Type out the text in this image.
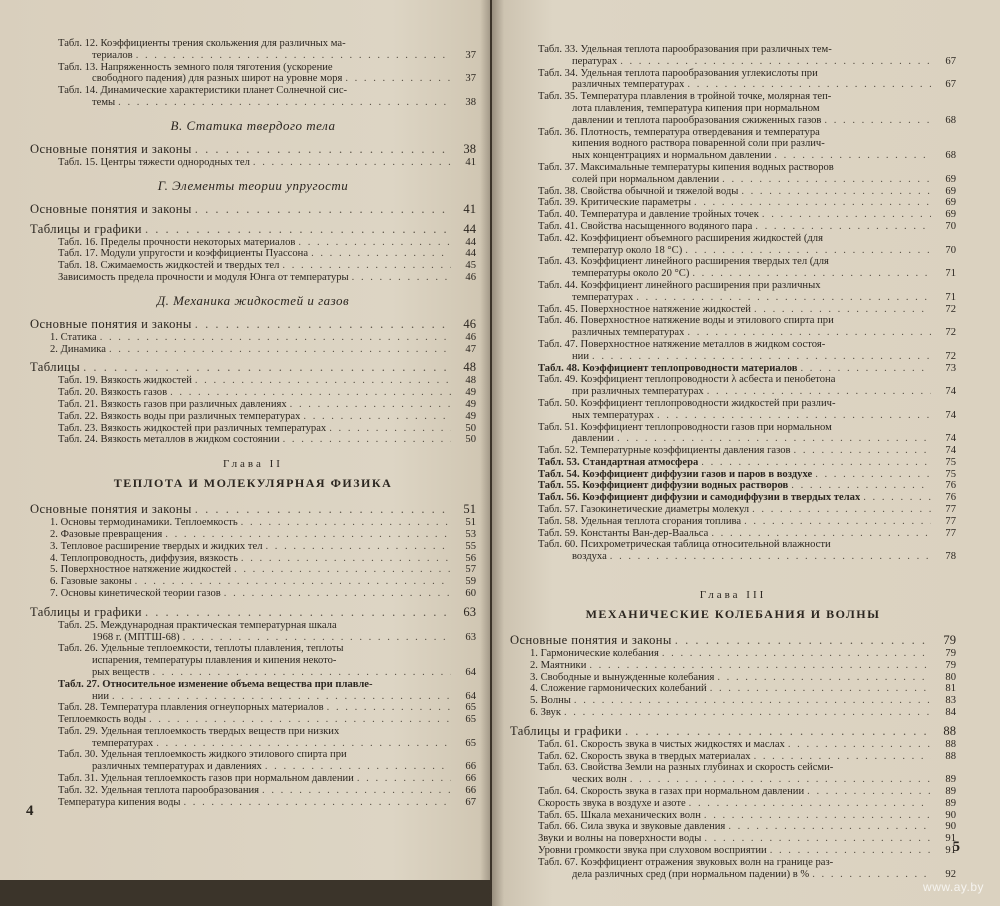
Табл. 12. Коэффициенты трения скольжения для различных ма-
териалов . . .	37
Табл. 13. Напряженность земного поля тяготения (ускорение
свободного падения) для разных широт на уровне моря . . .	37
Табл. 14. Динамические характеристики планет Солнечной сис-
темы . . .	38
В. Статика твердого тела
Основные понятия и законы . . .	38
Табл. 15. Центры тяжести однородных тел . . .	41
Г. Элементы теории упругости
Основные понятия и законы . . .	41
Таблицы и графики . . .	44
Табл. 16. Пределы прочности некоторых материалов . . .	44
Табл. 17. Модули упругости и коэффициенты Пуассона . . .	44
Табл. 18. Сжимаемость жидкостей и твердых тел . . .	45
Зависимость предела прочности и модуля Юнга от температуры . . .	46
Д. Механика жидкостей и газов
Основные понятия и законы . . .	46
1. Статика . . .	46
2. Динамика . . .	47
Таблицы . . .	48
Табл. 19. Вязкость жидкостей . . .	48
Табл. 20. Вязкость газов . . .	49
Табл. 21. Вязкость газов при различных давлениях . . .	49
Табл. 22. Вязкость воды при различных температурах . . .	49
Табл. 23. Вязкость жидкостей при различных температурах . . .	50
Табл. 24. Вязкость металлов в жидком состоянии . . .	50
Глава II
ТЕПЛОТА И МОЛЕКУЛЯРНАЯ ФИЗИКА
Основные понятия и законы . . .	51
1. Основы термодинамики. Теплоемкость . . .	51
2. Фазовые превращения . . .	53
3. Тепловое расширение твердых и жидких тел . . .	55
4. Теплопроводность, диффузия, вязкость . . .	56
5. Поверхностное натяжение жидкостей . . .	57
6. Газовые законы . . .	59
7. Основы кинетической теории газов . . .	60
Таблицы и графики . . .	63
Табл. 25. Международная практическая температурная шкала
1968 г. (МПТШ-68) . . .	63
Табл. 26. Удельные теплоемкости, теплоты плавления, теплоты
испарения, температуры плавления и кипения некото-
рых веществ . . .	64
Табл. 27. Относительное изменение объема вещества при плавле-
нии . . .	64
Табл. 28. Температура плавления огнеупорных материалов . . .	65
Теплоемкость воды . . .	65
Табл. 29. Удельная теплоемкость твердых веществ при низких
температурах . . .	65
Табл. 30. Удельная теплоемкость жидкого этилового спирта при
различных температурах и давлениях . . .	66
Табл. 31. Удельная теплоемкость газов при нормальном давлении . . .	66
Табл. 32. Удельная теплота парообразования . . .	66
Температура кипения воды . . .	67
4
Табл. 33. Удельная теплота парообразования при различных тем-
пературах . . .	67
Табл. 34. Удельная теплота парообразования углекислоты при
различных температурах . . .	67
Табл. 35. Температура плавления в тройной точке, молярная теп-
лота плавления, температура кипения при нормальном
давлении и теплота парообразования сжиженных газов . . .	68
Табл. 36. Плотность, температура отвердевания и температура
кипения водного раствора поваренной соли при различ-
ных концентрациях и нормальном давлении . . .	68
Табл. 37. Максимальные температуры кипения водных растворов
солей при нормальном давлении . . .	69
Табл. 38. Свойства обычной и тяжелой воды . . .	69
Табл. 39. Критические параметры . . .	69
Табл. 40. Температура и давление тройных точек . . .	69
Табл. 41. Свойства насыщенного водяного пара . . .	70
Табл. 42. Коэффициент объемного расширения жидкостей (для
температур около 18 °C) . . .	70
Табл. 43. Коэффициент линейного расширения твердых тел (для
температуры около 20 °C) . . .	71
Табл. 44. Коэффициент линейного расширения при различных
температурах . . .	71
Табл. 45. Поверхностное натяжение жидкостей . . .	72
Табл. 46. Поверхностное натяжение воды и этилового спирта при
различных температурах . . .	72
Табл. 47. Поверхностное натяжение металлов в жидком состоя-
нии . . .	72
Табл. 48. Коэффициент теплопроводности материалов . . .	73
Табл. 49. Коэффициент теплопроводности λ асбеста и пенобетона
при различных температурах . . .	74
Табл. 50. Коэффициент теплопроводности жидкостей при различ-
ных температурах . . .	74
Табл. 51. Коэффициент теплопроводности газов при нормальном
давлении . . .	74
Табл. 52. Температурные коэффициенты давления газов . . .	74
Табл. 53. Стандартная атмосфера . . .	75
Табл. 54. Коэффициент диффузии газов и паров в воздухе . . .	75
Табл. 55. Коэффициент диффузии водных растворов . . .	76
Табл. 56. Коэффициент диффузии и самодиффузии в твердых телах . . .	76
Табл. 57. Газокинетические диаметры молекул . . .	77
Табл. 58. Удельная теплота сгорания топлива . . .	77
Табл. 59. Константы Ван-дер-Ваальса . . .	77
Табл. 60. Психрометрическая таблица относительной влажности
воздуха . . .	78
Глава III
МЕХАНИЧЕСКИЕ КОЛЕБАНИЯ И ВОЛНЫ
Основные понятия и законы . . .	79
1. Гармонические колебания . . .	79
2. Маятники . . .	79
3. Свободные и вынужденные колебания . . .	80
4. Сложение гармонических колебаний . . .	81
5. Волны . . .	83
6. Звук . . .	84
Таблицы и графики . . .	88
Табл. 61. Скорость звука в чистых жидкостях и маслах . . .	88
Табл. 62. Скорость звука в твердых материалах . . .	88
Табл. 63. Свойства Земли на разных глубинах и скорость сейсми-
ческих волн . . .	89
Табл. 64. Скорость звука в газах при нормальном давлении . . .	89
Скорость звука в воздухе и азоте . . .	89
Табл. 65. Шкала механических волн . . .	90
Табл. 66. Сила звука и звуковые давления . . .	90
Звуки и волны на поверхности воды . . .	91
Уровни громкости звука при слуховом восприятии . . .	91
Табл. 67. Коэффициент отражения звуковых волн на границе раз-
дела различных сред (при нормальном падении) в % . . .	92
5
www.ay.by
